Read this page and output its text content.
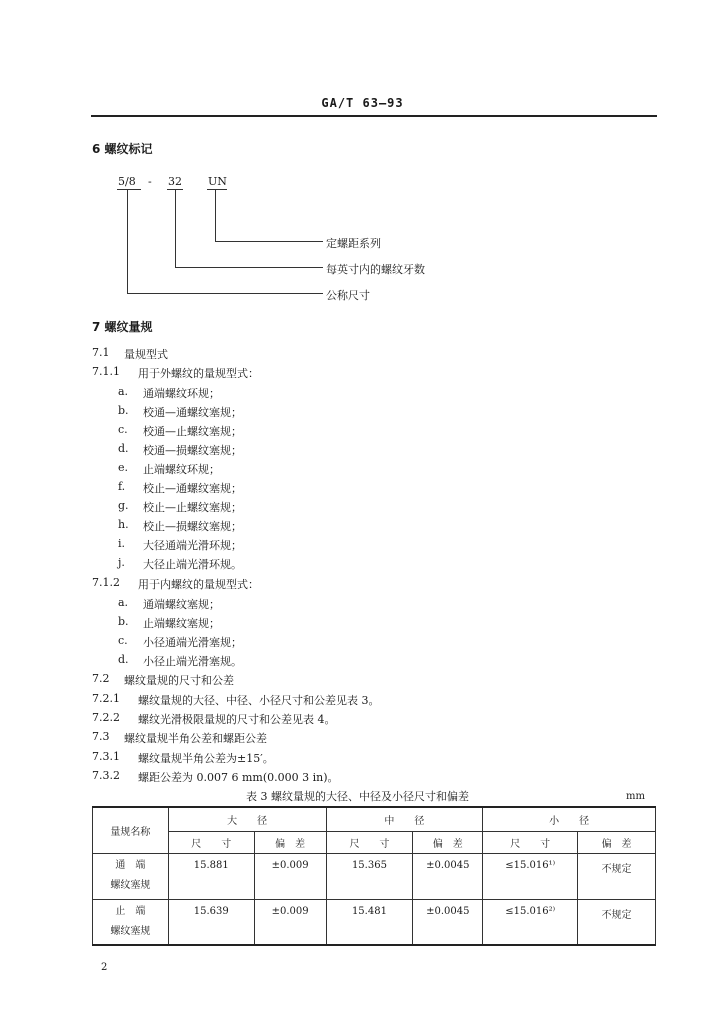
GA/T 63—93
6 螺纹标记
5/8 - 32 UN
定螺距系列
每英寸内的螺纹牙数
公称尺寸
7 螺纹量规
7.1 量规型式
7.1.1 用于外螺纹的量规型式：
a. 通端螺纹环规；
b. 校通—通螺纹塞规；
c. 校通—止螺纹塞规；
d. 校通—损螺纹塞规；
e. 止端螺纹环规；
f. 校止—通螺纹塞规；
g. 校止—止螺纹塞规；
h. 校止—损螺纹塞规；
i. 大径通端光滑环规；
j. 大径止端光滑环规。
7.1.2 用于内螺纹的量规型式：
a. 通端螺纹塞规；
b. 止端螺纹塞规；
c. 小径通端光滑塞规；
d. 小径止端光滑塞规。
7.2 螺纹量规的尺寸和公差
7.2.1 螺纹量规的大径、中径、小径尺寸和公差见表 3。
7.2.2 螺纹光滑极限量规的尺寸和公差见表 4。
7.3 螺纹量规半角公差和螺距公差
7.3.1 螺纹量规半角公差为±15′。
7.3.2 螺距公差为 0.007 6 mm(0.000 3 in)。
表 3 螺纹量规的大径、中径及小径尺寸和偏差	mm
量规名称	大　　径		中　　径		小　　径	
	尺　　寸	偏　差	尺　　寸	偏　差	尺　　寸	偏　差

通　端
螺纹塞规	15.881	±0.009	15.365	±0.0045	≤15.016¹⁾	不规定

止　端
螺纹塞规	15.639	±0.009	15.481	±0.0045	≤15.016²⁾	不规定
2
